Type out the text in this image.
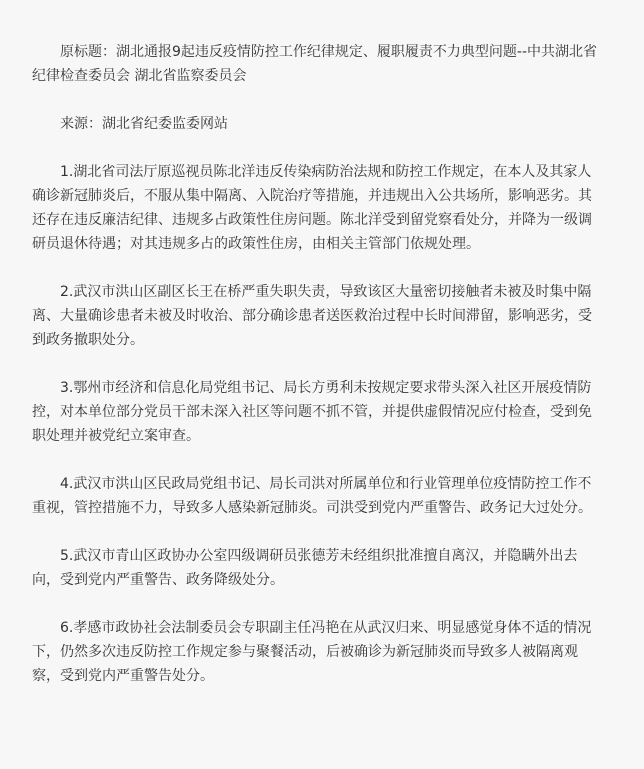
原标题：湖北通报9起违反疫情防控工作纪律规定、履职履责不力典型问题--中共湖北省纪律检查委员会 湖北省监察委员会

来源：湖北省纪委监委网站

1.湖北省司法厅原巡视员陈北洋违反传染病防治法规和防控工作规定，在本人及其家人确诊新冠肺炎后，不服从集中隔离、入院治疗等措施，并违规出入公共场所，影响恶劣。其还存在违反廉洁纪律、违规多占政策性住房问题。陈北洋受到留党察看处分，并降为一级调研员退休待遇；对其违规多占的政策性住房，由相关主管部门依规处理。

2.武汉市洪山区副区长王在桥严重失职失责，导致该区大量密切接触者未被及时集中隔离、大量确诊患者未被及时收治、部分确诊患者送医救治过程中长时间滞留，影响恶劣，受到政务撤职处分。

3.鄂州市经济和信息化局党组书记、局长方勇利未按规定要求带头深入社区开展疫情防控，对本单位部分党员干部未深入社区等问题不抓不管，并提供虚假情况应付检查，受到免职处理并被党纪立案审查。

4.武汉市洪山区民政局党组书记、局长司洪对所属单位和行业管理单位疫情防控工作不重视，管控措施不力，导致多人感染新冠肺炎。司洪受到党内严重警告、政务记大过处分。

5.武汉市青山区政协办公室四级调研员张德芳未经组织批准擅自离汉，并隐瞒外出去向，受到党内严重警告、政务降级处分。

6.孝感市政协社会法制委员会专职副主任冯艳在从武汉归来、明显感觉身体不适的情况下，仍然多次违反防控工作规定参与聚餐活动，后被确诊为新冠肺炎而导致多人被隔离观察，受到党内严重警告处分。
